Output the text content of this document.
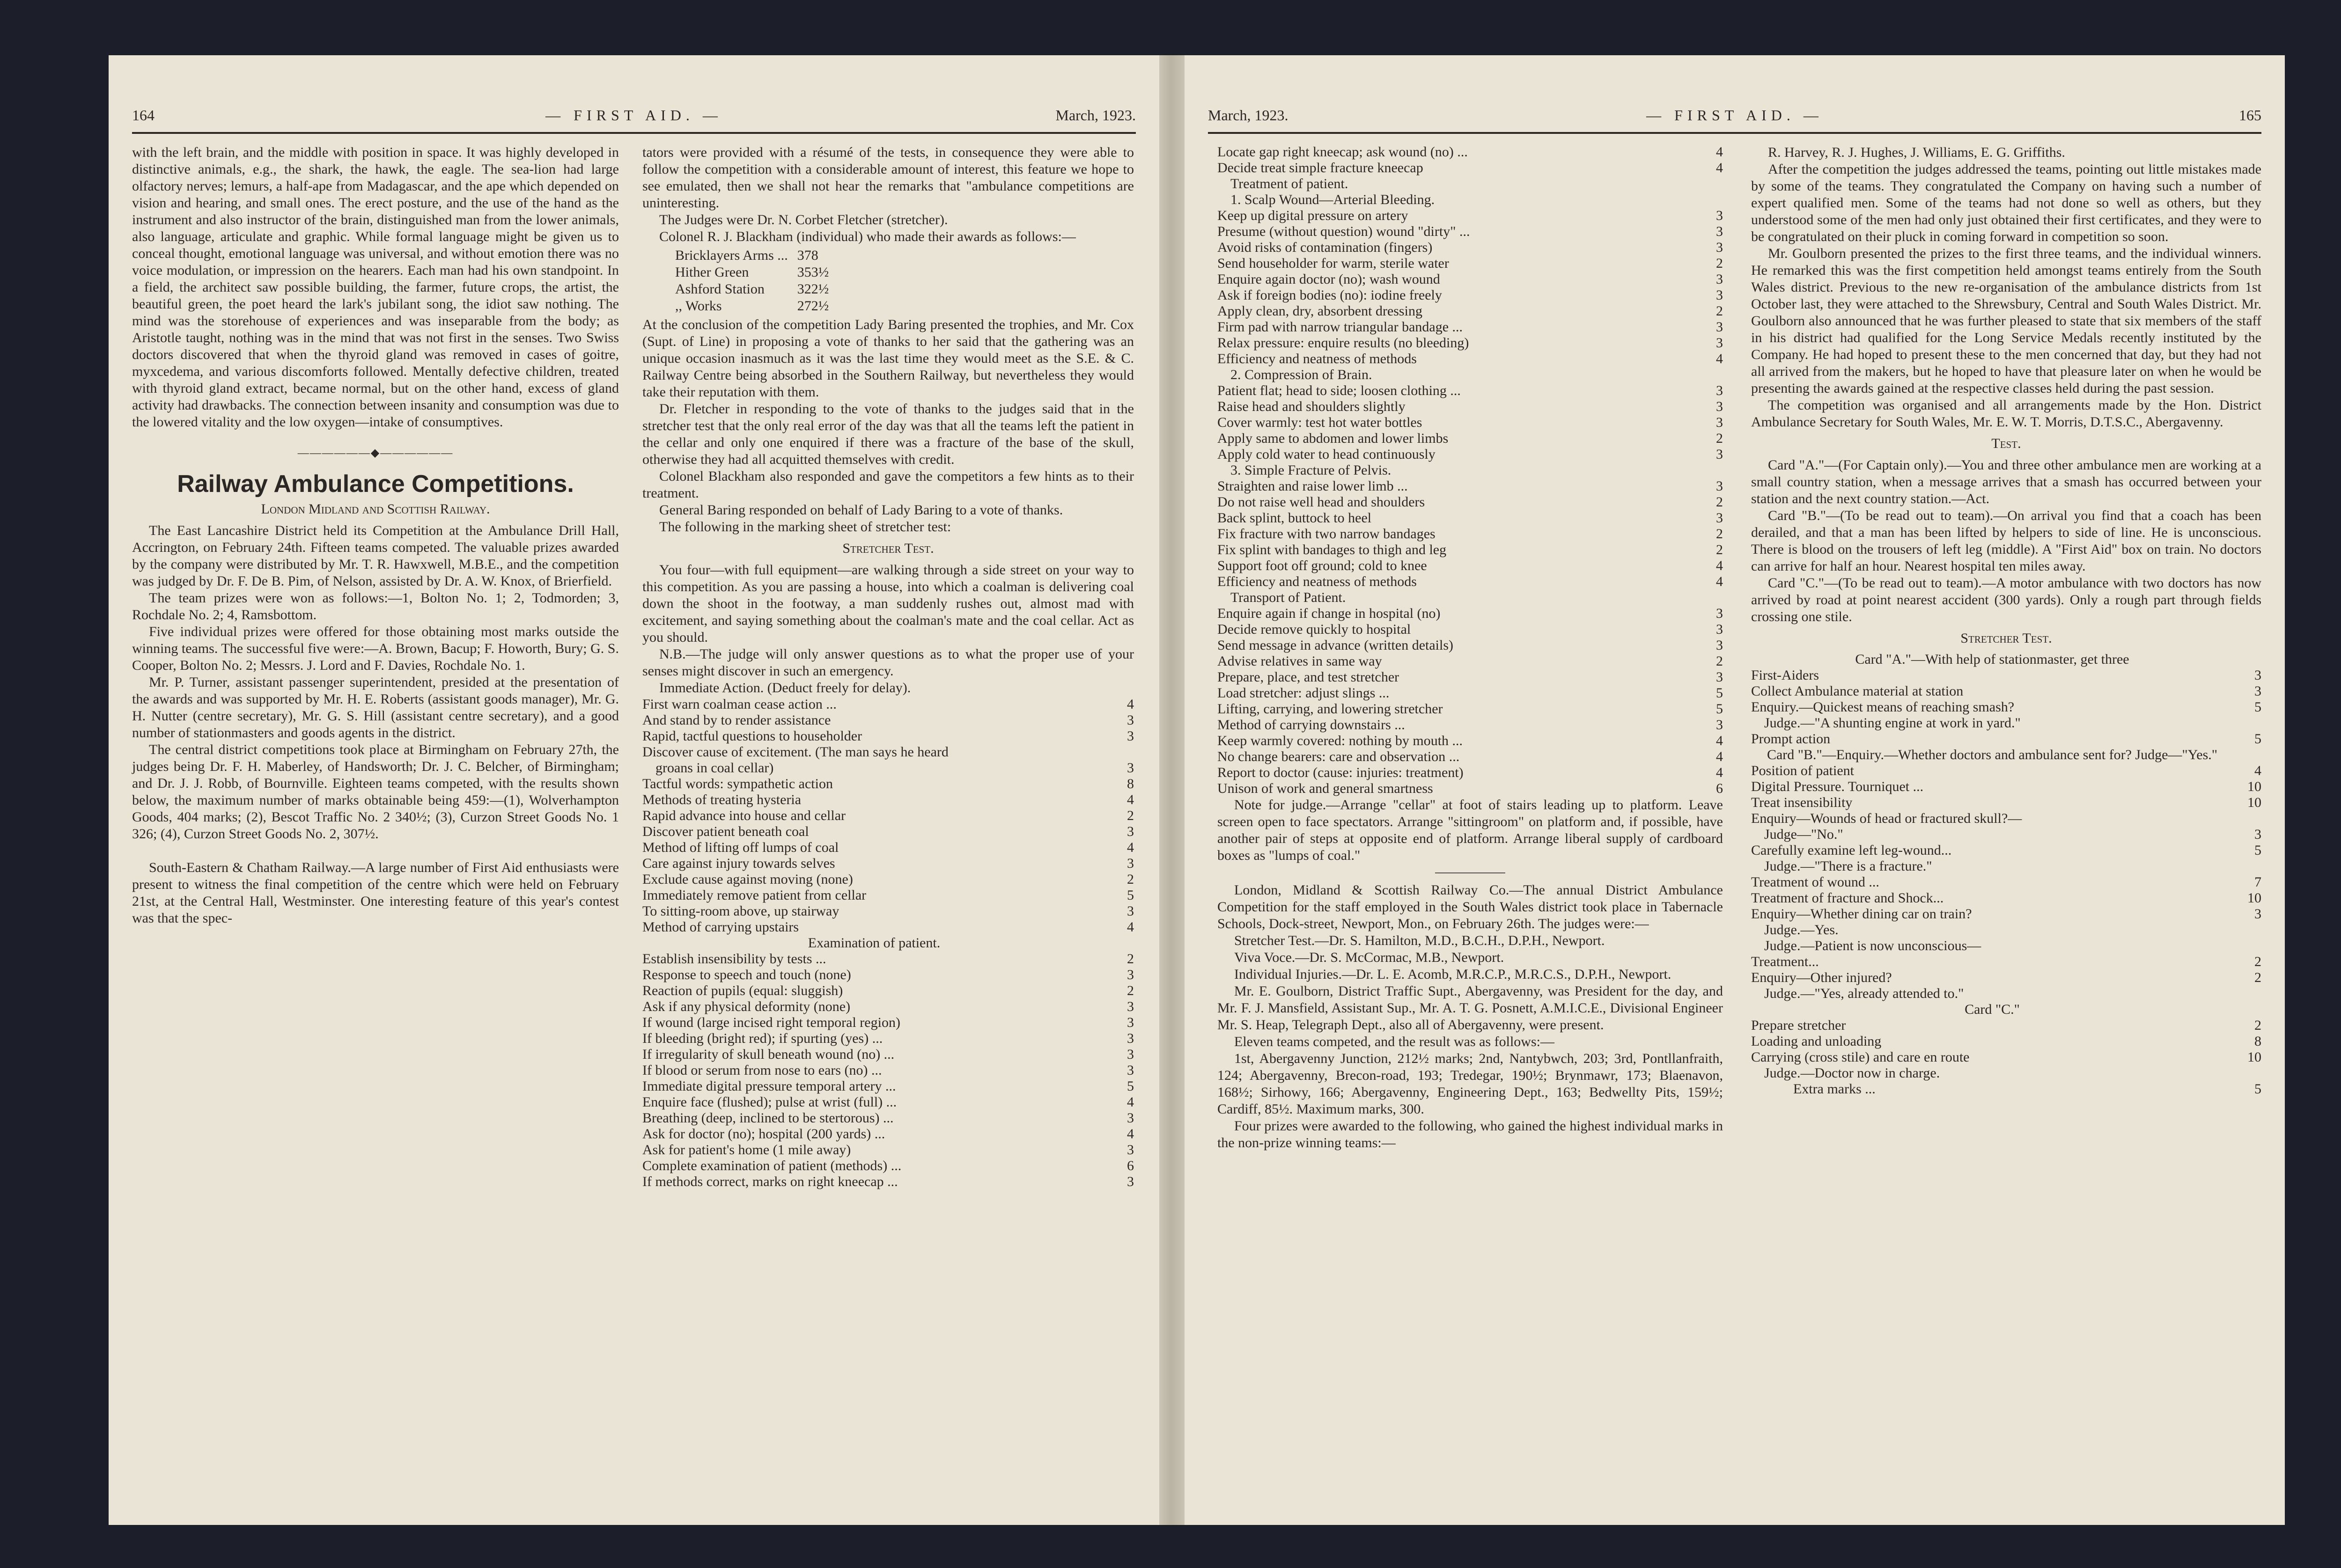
164	— FIRST AID. —	March, 1923.

with the left brain, and the middle with position in space. It was highly developed in distinctive animals, e.g., the shark, the hawk, the eagle. The sea-lion had large olfactory nerves; lemurs, a half-ape from Madagascar, and the ape which depended on vision and hearing, and small ones. The erect posture, and the use of the hand as the instrument and also instructor of the brain, distinguished man from the lower animals, also language, articulate and graphic. While formal language might be given us to conceal thought, emotional language was universal, and without emotion there was no voice modulation, or impression on the hearers. Each man had his own standpoint. In a field, the architect saw possible building, the farmer, future crops, the artist, the beautiful green, the poet heard the lark's jubilant song, the idiot saw nothing. The mind was the storehouse of experiences and was inseparable from the body; as Aristotle taught, nothing was in the mind that was not first in the senses. Two Swiss doctors discovered that when the thyroid gland was removed in cases of goitre, myxcedema, and various discomforts followed. Mentally defective children, treated with thyroid gland extract, became normal, but on the other hand, excess of gland activity had drawbacks. The connection between insanity and consumption was due to the lowered vitality and the low oxygen—intake of consumptives.

——————◆——————
Railway Ambulance Competitions.

London Midland and Scottish Railway.

The East Lancashire District held its Competition at the Ambulance Drill Hall, Accrington, on February 24th. Fifteen teams competed. The valuable prizes awarded by the company were distributed by Mr. T. R. Hawxwell, M.B.E., and the competition was judged by Dr. F. De B. Pim, of Nelson, assisted by Dr. A. W. Knox, of Brierfield.

The team prizes were won as follows:—1, Bolton No. 1; 2, Todmorden; 3, Rochdale No. 2; 4, Ramsbottom.

Five individual prizes were offered for those obtaining most marks outside the winning teams. The successful five were:—A. Brown, Bacup; F. Howorth, Bury; G. S. Cooper, Bolton No. 2; Messrs. J. Lord and F. Davies, Rochdale No. 1.

Mr. P. Turner, assistant passenger superintendent, presided at the presentation of the awards and was supported by Mr. H. E. Roberts (assistant goods manager), Mr. G. H. Nutter (centre secretary), Mr. G. S. Hill (assistant centre secretary), and a good number of stationmasters and goods agents in the district.

The central district competitions took place at Birmingham on February 27th, the judges being Dr. F. H. Maberley, of Handsworth; Dr. J. C. Belcher, of Birmingham; and Dr. J. J. Robb, of Bournville. Eighteen teams competed, with the results shown below, the maximum number of marks obtainable being 459:—(1), Wolverhampton Goods, 404 marks; (2), Bescot Traffic No. 2 340½; (3), Curzon Street Goods No. 1 326; (4), Curzon Street Goods No. 2, 307½.

South-Eastern & Chatham Railway.—A large number of First Aid enthusiasts were present to witness the final competition of the centre which were held on February 21st, at the Central Hall, Westminster. One interesting feature of this year's contest was that the spec-

tators were provided with a résumé of the tests, in consequence they were able to follow the competition with a considerable amount of interest, this feature we hope to see emulated, then we shall not hear the remarks that "ambulance competitions are uninteresting.

The Judges were Dr. N. Corbet Fletcher (stretcher).

Colonel R. J. Blackham (individual) who made their awards as follows:—

Bricklayers Arms ...	378
Hither Green	353½
Ashford Station	322½
,, Works	272½

At the conclusion of the competition Lady Baring presented the trophies, and Mr. Cox (Supt. of Line) in proposing a vote of thanks to her said that the gathering was an unique occasion inasmuch as it was the last time they would meet as the S.E. & C. Railway Centre being absorbed in the Southern Railway, but nevertheless they would take their reputation with them.

Dr. Fletcher in responding to the vote of thanks to the judges said that in the stretcher test that the only real error of the day was that all the teams left the patient in the cellar and only one enquired if there was a fracture of the base of the skull, otherwise they had all acquitted themselves with credit.

Colonel Blackham also responded and gave the competitors a few hints as to their treatment.

General Baring responded on behalf of Lady Baring to a vote of thanks.

The following in the marking sheet of stretcher test:

Stretcher Test.

You four—with full equipment—are walking through a side street on your way to this competition. As you are passing a house, into which a coalman is delivering coal down the shoot in the footway, a man suddenly rushes out, almost mad with excitement, and saying something about the coalman's mate and the coal cellar. Act as you should.

N.B.—The judge will only answer questions as to what the proper use of your senses might discover in such an emergency.

Immediate Action. (Deduct freely for delay).

First warn coalman cease action ...	4
And stand by to render assistance	3
Rapid, tactful questions to householder	3
Discover cause of excitement. (The man says he heard	
groans in coal cellar)	3
Tactful words: sympathetic action	8
Methods of treating hysteria	4
Rapid advance into house and cellar	2
Discover patient beneath coal	3
Method of lifting off lumps of coal	4
Care against injury towards selves	3
Exclude cause against moving (none)	2
Immediately remove patient from cellar	5
To sitting-room above, up stairway	3
Method of carrying upstairs	4
Examination of patient.	
Establish insensibility by tests ...	2
Response to speech and touch (none)	3
Reaction of pupils (equal: sluggish)	2
Ask if any physical deformity (none)	3
If wound (large incised right temporal region)	3
If bleeding (bright red); if spurting (yes) ...	3
If irregularity of skull beneath wound (no) ...	3
If blood or serum from nose to ears (no) ...	3
Immediate digital pressure temporal artery ...	5
Enquire face (flushed); pulse at wrist (full) ...	4
Breathing (deep, inclined to be stertorous) ...	3
Ask for doctor (no); hospital (200 yards) ...	4
Ask for patient's home (1 mile away)	3
Complete examination of patient (methods) ...	6
If methods correct, marks on right kneecap ...	3
March, 1923.	— FIRST AID. —	165
Locate gap right kneecap; ask wound (no) ...	4
Decide treat simple fracture kneecap	4
Treatment of patient.	
1. Scalp Wound—Arterial Bleeding.	
Keep up digital pressure on artery	3
Presume (without question) wound "dirty" ...	3
Avoid risks of contamination (fingers)	3
Send householder for warm, sterile water	2
Enquire again doctor (no); wash wound	3
Ask if foreign bodies (no): iodine freely	3
Apply clean, dry, absorbent dressing	2
Firm pad with narrow triangular bandage ...	3
Relax pressure: enquire results (no bleeding)	3
Efficiency and neatness of methods	4
2. Compression of Brain.	
Patient flat; head to side; loosen clothing ...	3
Raise head and shoulders slightly	3
Cover warmly: test hot water bottles	3
Apply same to abdomen and lower limbs	2
Apply cold water to head continuously	3
3. Simple Fracture of Pelvis.	
Straighten and raise lower limb ...	3
Do not raise well head and shoulders	2
Back splint, buttock to heel	3
Fix fracture with two narrow bandages	2
Fix splint with bandages to thigh and leg	2
Support foot off ground; cold to knee	4
Efficiency and neatness of methods	4
Transport of Patient.	
Enquire again if change in hospital (no)	3
Decide remove quickly to hospital	3
Send message in advance (written details)	3
Advise relatives in same way	2
Prepare, place, and test stretcher	3
Load stretcher: adjust slings ...	5
Lifting, carrying, and lowering stretcher	5
Method of carrying downstairs ...	3
Keep warmly covered: nothing by mouth ...	4
No change bearers: care and observation ...	4
Report to doctor (cause: injuries: treatment)	4
Unison of work and general smartness	6

Note for judge.—Arrange "cellar" at foot of stairs leading up to platform. Leave screen open to face spectators. Arrange "sittingroom" on platform and, if possible, have another pair of steps at opposite end of platform. Arrange liberal supply of cardboard boxes as "lumps of coal."

London, Midland & Scottish Railway Co.—The annual District Ambulance Competition for the staff employed in the South Wales district took place in Tabernacle Schools, Dock-street, Newport, Mon., on February 26th. The judges were:—

Stretcher Test.—Dr. S. Hamilton, M.D., B.C.H., D.P.H., Newport.

Viva Voce.—Dr. S. McCormac, M.B., Newport.

Individual Injuries.—Dr. L. E. Acomb, M.R.C.P., M.R.C.S., D.P.H., Newport.

Mr. E. Goulborn, District Traffic Supt., Abergavenny, was President for the day, and Mr. F. J. Mansfield, Assistant Sup., Mr. A. T. G. Posnett, A.M.I.C.E., Divisional Engineer Mr. S. Heap, Telegraph Dept., also all of Abergavenny, were present.

Eleven teams competed, and the result was as follows:—

1st, Abergavenny Junction, 212½ marks; 2nd, Nantybwch, 203; 3rd, Pontllanfraith, 124; Abergavenny, Brecon-road, 193; Tredegar, 190½; Brynmawr, 173; Blaenavon, 168½; Sirhowy, 166; Abergavenny, Engineering Dept., 163; Bedwellty Pits, 159½; Cardiff, 85½. Maximum marks, 300.

Four prizes were awarded to the following, who gained the highest individual marks in the non-prize winning teams:—

R. Harvey, R. J. Hughes, J. Williams, E. G. Griffiths.

After the competition the judges addressed the teams, pointing out little mistakes made by some of the teams. They congratulated the Company on having such a number of expert qualified men. Some of the teams had not done so well as others, but they understood some of the men had only just obtained their first certificates, and they were to be congratulated on their pluck in coming forward in competition so soon.

Mr. Goulborn presented the prizes to the first three teams, and the individual winners. He remarked this was the first competition held amongst teams entirely from the South Wales district. Previous to the new re-organisation of the ambulance districts from 1st October last, they were attached to the Shrewsbury, Central and South Wales District. Mr. Goulborn also announced that he was further pleased to state that six members of the staff in his district had qualified for the Long Service Medals recently instituted by the Company. He had hoped to present these to the men concerned that day, but they had not all arrived from the makers, but he hoped to have that pleasure later on when he would be presenting the awards gained at the respective classes held during the past session.

The competition was organised and all arrangements made by the Hon. District Ambulance Secretary for South Wales, Mr. E. W. T. Morris, D.T.S.C., Abergavenny.

Test.

Card "A."—(For Captain only).—You and three other ambulance men are working at a small country station, when a message arrives that a smash has occurred between your station and the next country station.—Act.

Card "B."—(To be read out to team).—On arrival you find that a coach has been derailed, and that a man has been lifted by helpers to side of line. He is unconscious. There is blood on the trousers of left leg (middle). A "First Aid" box on train. No doctors can arrive for half an hour. Nearest hospital ten miles away.

Card "C."—(To be read out to team).—A motor ambulance with two doctors has now arrived by road at point nearest accident (300 yards). Only a rough part through fields crossing one stile.

Stretcher Test.

Card "A."—With help of stationmaster, get three	
First-Aiders	3
Collect Ambulance material at station	3
Enquiry.—Quickest means of reaching smash?	5
Judge.—"A shunting engine at work in yard."	
Prompt action	5
Card "B."—Enquiry.—Whether doctors and ambulance sent for? Judge—"Yes."	
Position of patient	4
Digital Pressure. Tourniquet ...	10
Treat insensibility	10
Enquiry—Wounds of head or fractured skull?—	
Judge—"No."	3
Carefully examine left leg-wound...	5
Judge.—"There is a fracture."	
Treatment of wound ...	7
Treatment of fracture and Shock...	10
Enquiry—Whether dining car on train?	3
Judge.—Yes.	
Judge.—Patient is now unconscious—	
Treatment...	2
Enquiry—Other injured?	2
Judge.—"Yes, already attended to."	
Card "C."	
Prepare stretcher	2
Loading and unloading	8
Carrying (cross stile) and care en route	10
Judge.—Doctor now in charge.	
Extra marks ...	5
